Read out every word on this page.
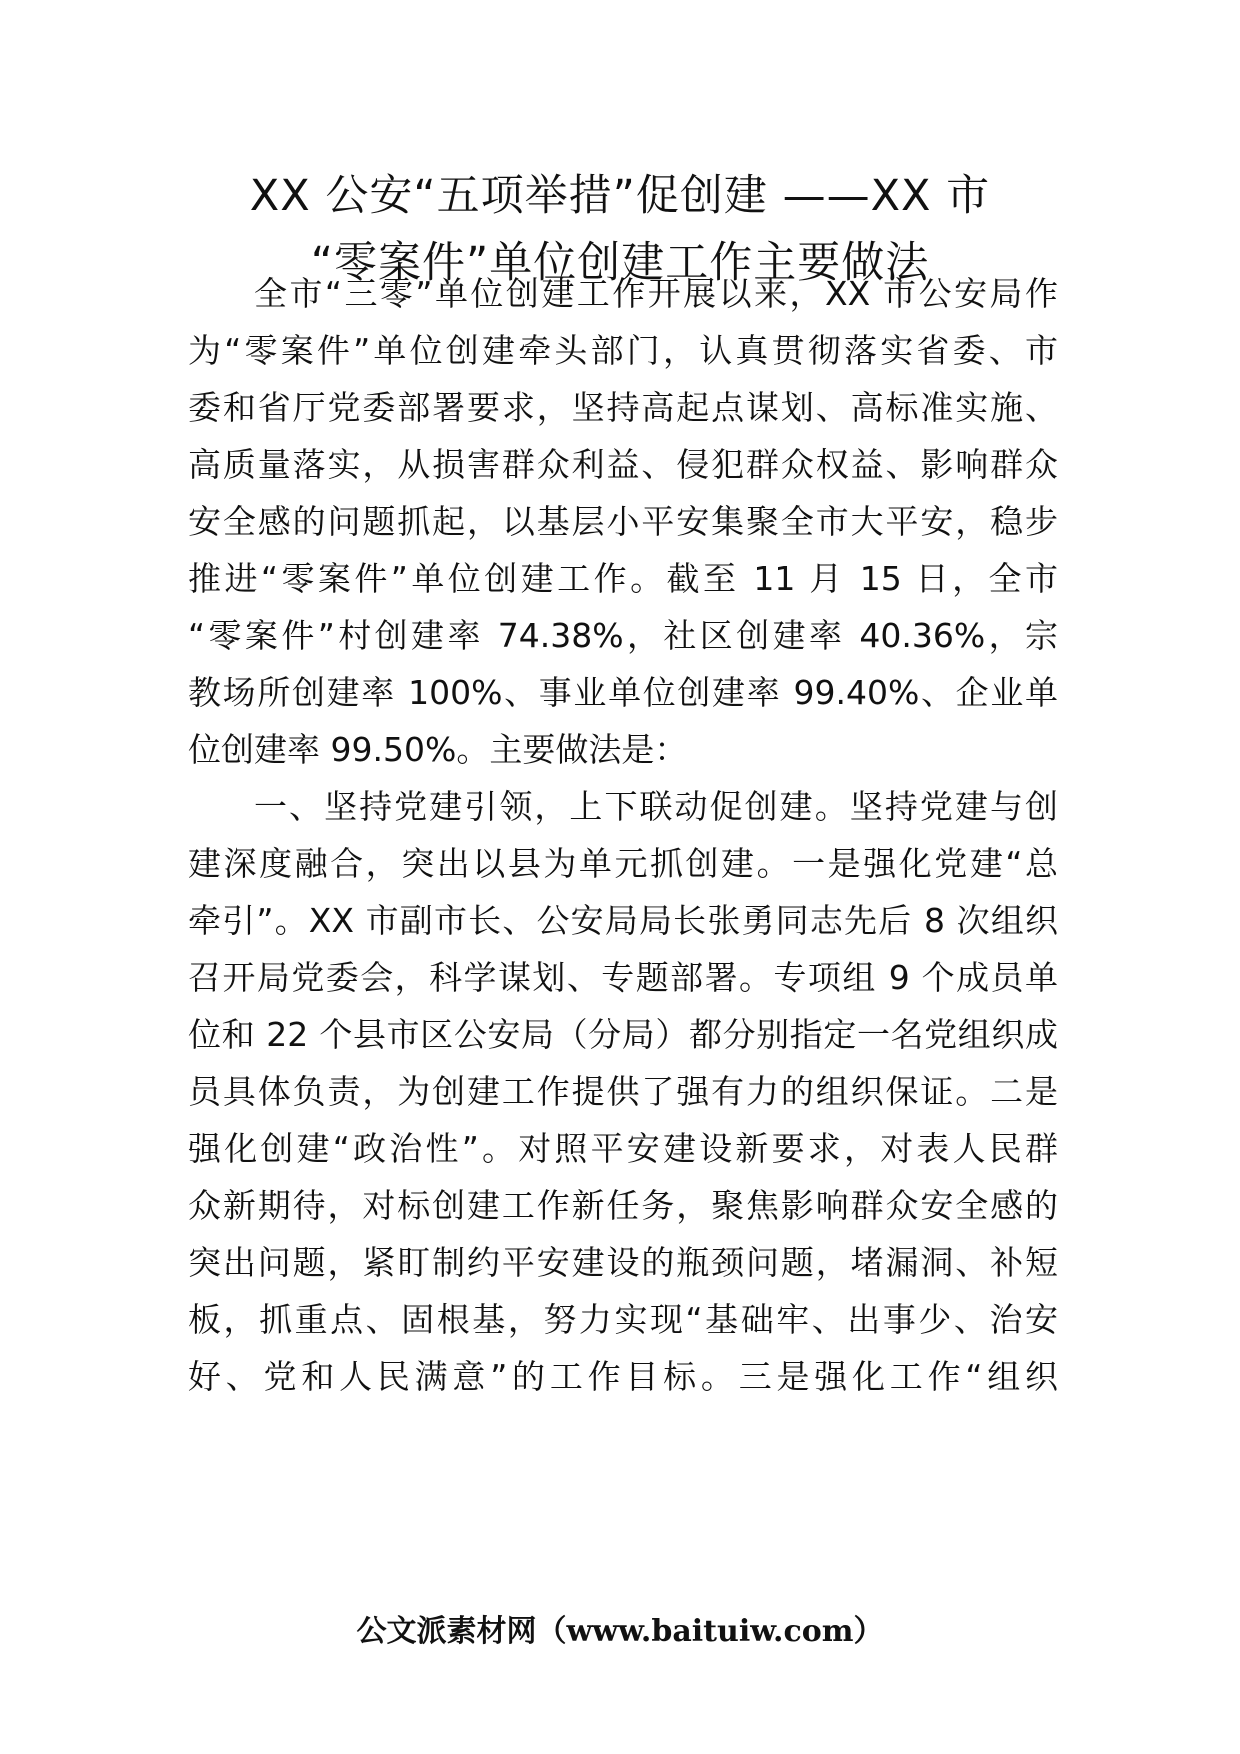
XX 公安“五项举措”促创建 ——XX 市
“零案件”单位创建工作主要做法
全市“三零”单位创建工作开展以来，XX 市公安局作
为“零案件”单位创建牵头部门，认真贯彻落实省委、市
委和省厅党委部署要求，坚持高起点谋划、高标准实施、
高质量落实，从损害群众利益、侵犯群众权益、影响群众
安全感的问题抓起，以基层小平安集聚全市大平安，稳步
推进“零案件”单位创建工作。截至 11 月 15 日，全市
“零案件”村创建率 74.38%，社区创建率 40.36%，宗
教场所创建率 100%、事业单位创建率 99.40%、企业单
位创建率 99.50%。主要做法是：
一、坚持党建引领，上下联动促创建。坚持党建与创
建深度融合，突出以县为单元抓创建。一是强化党建“总
牵引”。XX 市副市长、公安局局长张勇同志先后 8 次组织
召开局党委会，科学谋划、专题部署。专项组 9 个成员单
位和 22 个县市区公安局（分局）都分别指定一名党组织成
员具体负责，为创建工作提供了强有力的组织保证。二是
强化创建“政治性”。对照平安建设新要求，对表人民群
众新期待，对标创建工作新任务，聚焦影响群众安全感的
突出问题，紧盯制约平安建设的瓶颈问题，堵漏洞、补短
板，抓重点、固根基，努力实现“基础牢、出事少、治安
好、党和人民满意”的工作目标。三是强化工作“组织
公文派素材网（www.baituiw.com）
